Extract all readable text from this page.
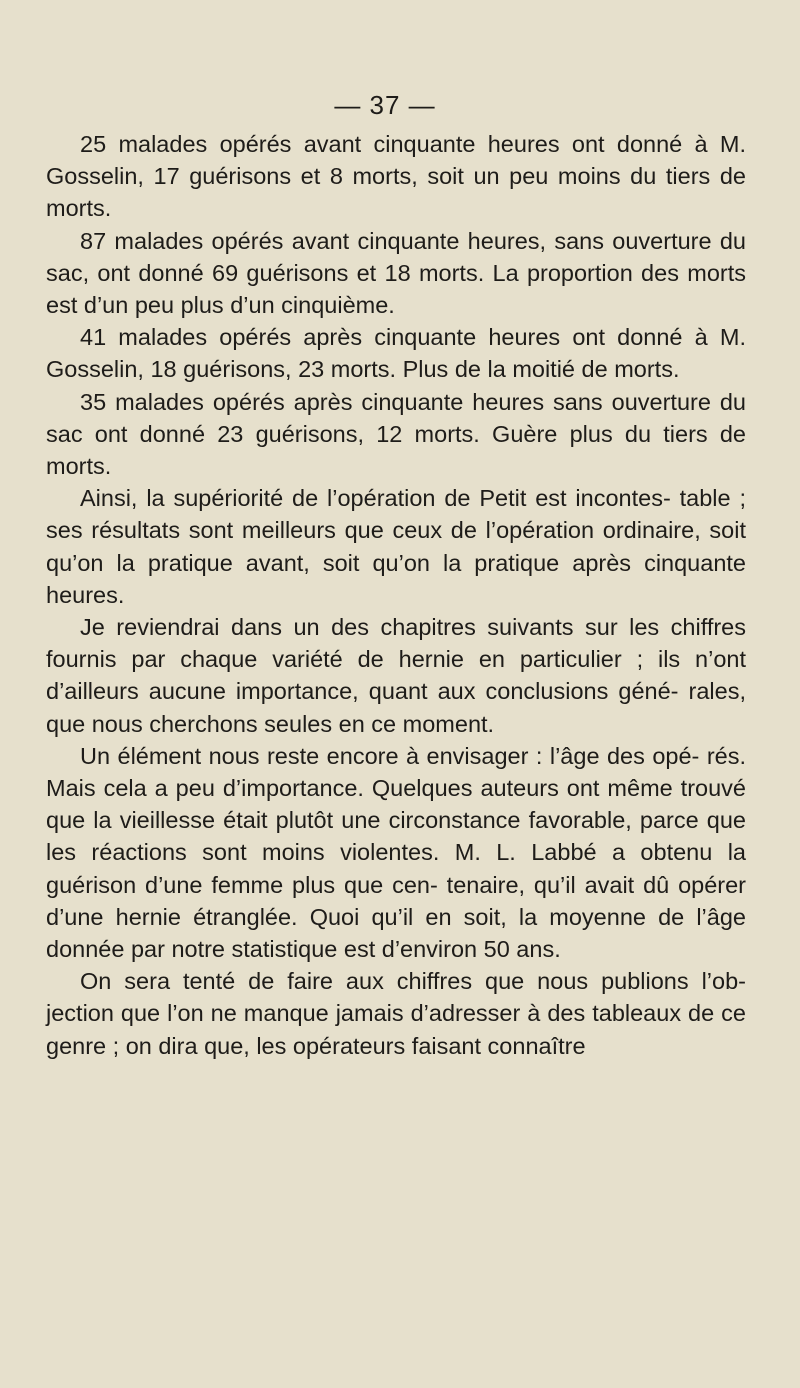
— 37 —

25 malades opérés avant cinquante heures ont donné à M. Gosselin, 17 guérisons et 8 morts, soit un peu moins du tiers de morts.

87 malades opérés avant cinquante heures, sans ouverture du sac, ont donné 69 guérisons et 18 morts. La proportion des morts est d’un peu plus d’un cinquième.

41 malades opérés après cinquante heures ont donné à M. Gosselin, 18 guérisons, 23 morts. Plus de la moitié de morts.

35 malades opérés après cinquante heures sans ouverture du sac ont donné 23 guérisons, 12 morts. Guère plus du tiers de morts.

Ainsi, la supériorité de l’opération de Petit est incontes- table ; ses résultats sont meilleurs que ceux de l’opération ordinaire, soit qu’on la pratique avant, soit qu’on la pratique après cinquante heures.

Je reviendrai dans un des chapitres suivants sur les chiffres fournis par chaque variété de hernie en particulier ; ils n’ont d’ailleurs aucune importance, quant aux conclusions géné- rales, que nous cherchons seules en ce moment.

Un élément nous reste encore à envisager : l’âge des opé- rés. Mais cela a peu d’importance. Quelques auteurs ont même trouvé que la vieillesse était plutôt une circonstance favorable, parce que les réactions sont moins violentes. M. L. Labbé a obtenu la guérison d’une femme plus que cen- tenaire, qu’il avait dû opérer d’une hernie étranglée. Quoi qu’il en soit, la moyenne de l’âge donnée par notre statistique est d’environ 50 ans.

On sera tenté de faire aux chiffres que nous publions l’ob- jection que l’on ne manque jamais d’adresser à des tableaux de ce genre ; on dira que, les opérateurs faisant connaître
